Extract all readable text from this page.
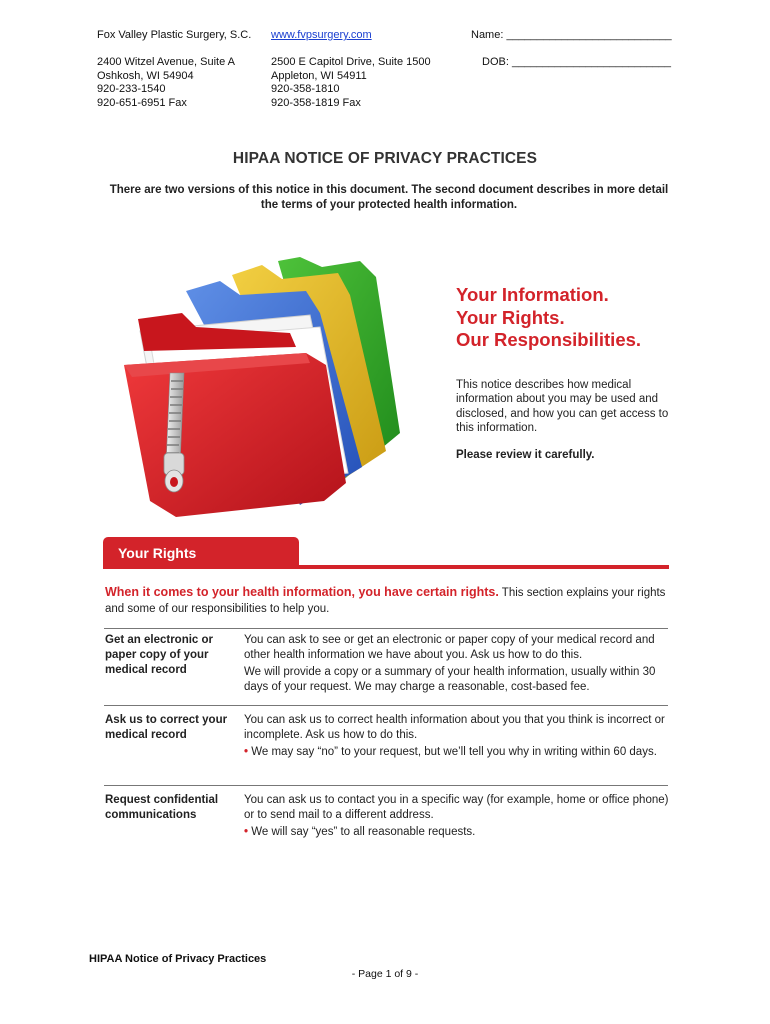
Fox Valley Plastic Surgery, S.C. www.fvpsurgery.com	Name: ___________________________
2400 Witzel Avenue, Suite A
Oshkosh, WI 54904
920-233-1540
920-651-6951 Fax
2500 E Capitol Drive, Suite 1500
Appleton, WI 54911
920-358-1810
920-358-1819 Fax
DOB: __________________________
HIPAA NOTICE OF PRIVACY PRACTICES
There are two versions of this notice in this document. The second document describes in more detail the terms of your protected health information.
Your Information.
Your Rights.
Our Responsibilities.
This notice describes how medical information about you may be used and disclosed, and how you can get access to this information.
Please review it carefully.
Your Rights
When it comes to your health information, you have certain rights. This section explains your rights and some of our responsibilities to help you.
Get an electronic or paper copy of your medical record

You can ask to see or get an electronic or paper copy of your medical record and other health information we have about you. Ask us how to do this.

We will provide a copy or a summary of your health information, usually within 30 days of your request. We may charge a reasonable, cost-based fee.

Ask us to correct your medical record

You can ask us to correct health information about you that you think is incorrect or incomplete. Ask us how to do this.

• We may say “no” to your request, but we’ll tell you why in writing within 60 days.

Request confidential communications

You can ask us to contact you in a specific way (for example, home or office phone) or to send mail to a different address.

• We will say “yes” to all reasonable requests.

HIPAA Notice of Privacy Practices
- Page 1 of 9 -
